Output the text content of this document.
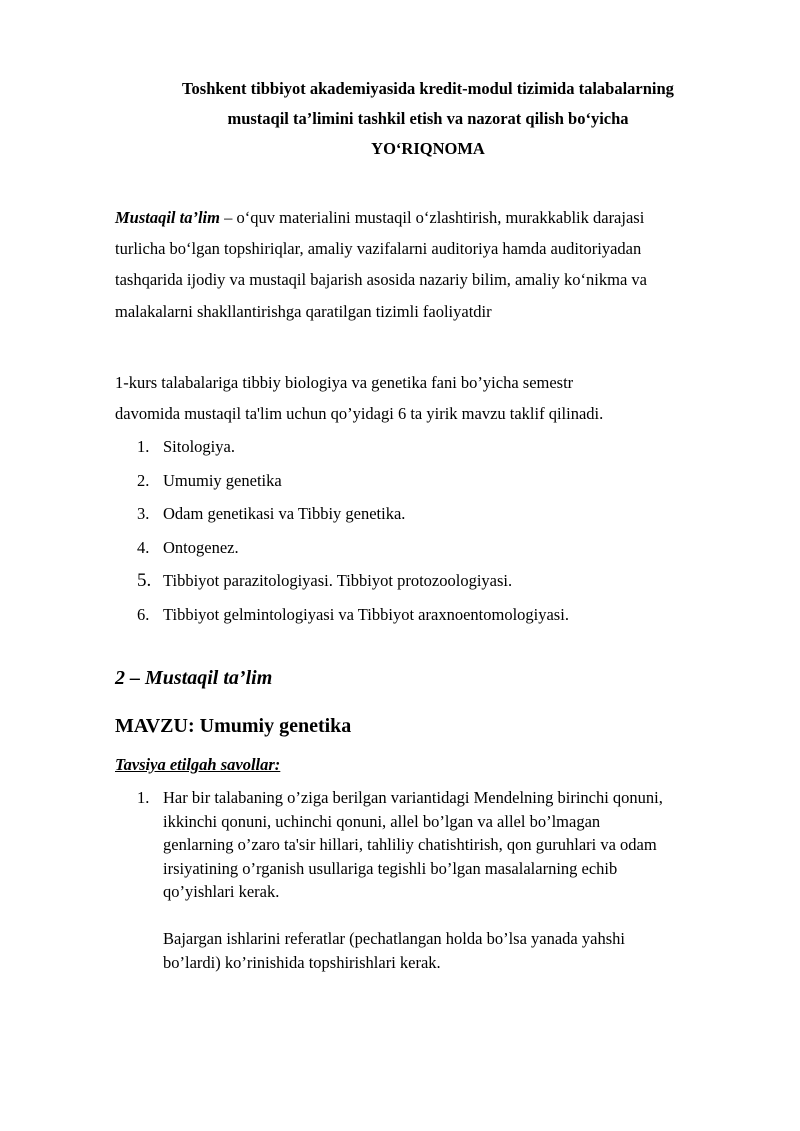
Toshkent tibbiyot akademiyasida kredit-modul tizimida talabalarning
mustaqil ta’limini tashkil etish va nazorat qilish bo‘yicha
YO‘RIQNOMA
Mustaqil ta’lim – o‘quv materialini mustaqil o‘zlashtirish, murakkablik darajasi
turlicha bo‘lgan topshiriqlar, amaliy vazifalarni auditoriya hamda auditoriyadan
tashqarida ijodiy va mustaqil bajarish asosida nazariy bilim, amaliy ko‘nikma va
malakalarni shakllantirishga qaratilgan tizimli faoliyatdir
1-kurs talabalariga tibbiy biologiya va genetika fani bo’yicha semestr
davomida mustaqil ta'lim uchun qo’yidagi 6 ta yirik mavzu taklif qilinadi.
1. Sitologiya.
2. Umumiy genetika
3. Odam genetikasi va Tibbiy genetika.
4. Ontogenez.
5. Tibbiyot parazitologiyasi. Tibbiyot protozoologiyasi.
6. Tibbiyot gelmintologiyasi va Tibbiyot araxnoentomologiyasi.
2 – Mustaqil ta’lim
MAVZU: Umumiy genetika
Tavsiya etilgah savollar:
1. Har bir talabaning o’ziga berilgan variantidagi Mendelning birinchi qonuni,
ikkinchi qonuni, uchinchi qonuni, allel bo’lgan va allel bo’lmagan
genlarning o’zaro ta'sir hillari, tahliliy chatishtirish, qon guruhlari va odam
irsiyatining o’rganish usullariga tegishli bo’lgan masalalarning echib
qo’yishlari kerak.
Bajargan ishlarini referatlar (pechatlangan holda bo’lsa yanada yahshi
bo’lardi) ko’rinishida topshirishlari kerak.
